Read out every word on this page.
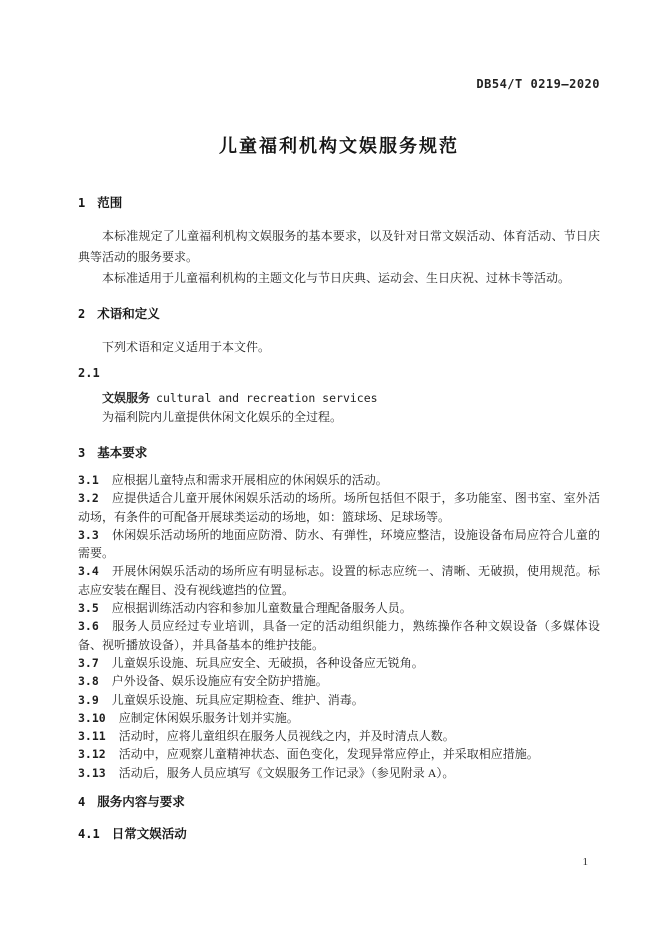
DB54/T 0219—2020
儿童福利机构文娱服务规范
1 范围

本标准规定了儿童福利机构文娱服务的基本要求，以及针对日常文娱活动、体育活动、节日庆典等活动的服务要求。

本标准适用于儿童福利机构的主题文化与节日庆典、运动会、生日庆祝、过林卡等活动。

2 术语和定义

下列术语和定义适用于本文件。

2.1

文娱服务 cultural and recreation services

为福利院内儿童提供休闲文化娱乐的全过程。

3 基本要求

3.1 应根据儿童特点和需求开展相应的休闲娱乐的活动。

3.2 应提供适合儿童开展休闲娱乐活动的场所。场所包括但不限于，多功能室、图书室、室外活动场，有条件的可配备开展球类运动的场地，如：篮球场、足球场等。

3.3 休闲娱乐活动场所的地面应防滑、防水、有弹性，环境应整洁，设施设备布局应符合儿童的需要。

3.4 开展休闲娱乐活动的场所应有明显标志。设置的标志应统一、清晰、无破损，使用规范。标志应安装在醒目、没有视线遮挡的位置。

3.5 应根据训练活动内容和参加儿童数量合理配备服务人员。

3.6 服务人员应经过专业培训，具备一定的活动组织能力，熟练操作各种文娱设备（多媒体设备、视听播放设备），并具备基本的维护技能。

3.7 儿童娱乐设施、玩具应安全、无破损，各种设备应无锐角。

3.8 户外设备、娱乐设施应有安全防护措施。

3.9 儿童娱乐设施、玩具应定期检查、维护、消毒。

3.10 应制定休闲娱乐服务计划并实施。

3.11 活动时，应将儿童组织在服务人员视线之内，并及时清点人数。

3.12 活动中，应观察儿童精神状态、面色变化，发现异常应停止，并采取相应措施。

3.13 活动后，服务人员应填写《文娱服务工作记录》（参见附录 A）。

4 服务内容与要求
4.1 日常文娱活动
1
